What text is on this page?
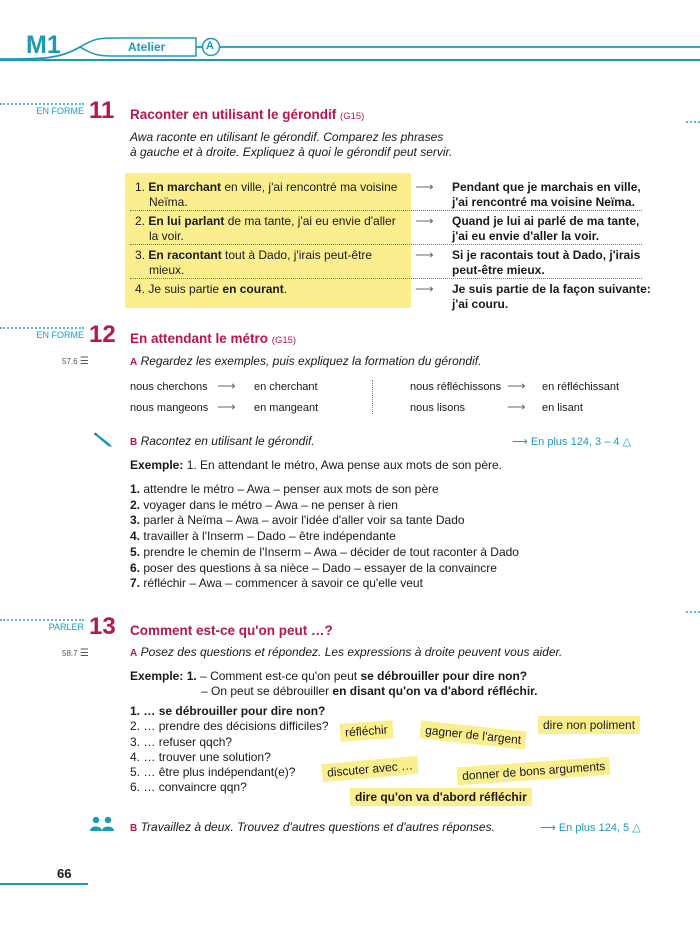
M1	Atelier	A
EN FORME 11 Raconter en utilisant le gérondif (G15)
Awa raconte en utilisant le gérondif. Comparez les phrases
à gauche et à droite. Expliquez à quoi le gérondif peut servir.
1. En marchant en ville, j'ai rencontré ma voisine
Neïma.
⟶ Pendant que je marchais en ville,
j'ai rencontré ma voisine Neïma.
2. En lui parlant de ma tante, j'ai eu envie d'aller
la voir.
⟶ Quand je lui ai parlé de ma tante,
j'ai eu envie d'aller la voir.
3. En racontant tout à Dado, j'irais peut-être
mieux.
⟶ Si je racontais tout à Dado, j'irais
peut-être mieux.
4. Je suis partie en courant.	⟶ Je suis partie de la façon suivante:
j'ai couru.
EN FORME 12 En attendant le métro (G15)
57.6 ☰	A Regardez les exemples, puis expliquez la formation du gérondif.
nous cherchons ⟶ en cherchant
nous mangeons ⟶ en mangeant
nous réfléchissons ⟶ en réfléchissant
nous lisons	⟶ en lisant
B Racontez en utilisant le gérondif.	⟶ En plus 124, 3 – 4 △
Exemple: 1. En attendant le métro, Awa pense aux mots de son père.
1. attendre le métro – Awa – penser aux mots de son père
2. voyager dans le métro – Awa – ne penser à rien
3. parler à Neïma – Awa – avoir l'idée d'aller voir sa tante Dado
4. travailler à l'Inserm – Dado – être indépendante
5. prendre le chemin de l'Inserm – Awa – décider de tout raconter à Dado
6. poser des questions à sa nièce – Dado – essayer de la convaincre
7. réfléchir – Awa – commencer à savoir ce qu'elle veut
PARLER 13 Comment est-ce qu'on peut …?
58.7 ☰	A Posez des questions et répondez. Les expressions à droite peuvent vous aider.
Exemple: 1. – Comment est-ce qu'on peut se débrouiller pour dire non?
– On peut se débrouiller en disant qu'on va d'abord réfléchir.
1. … se débrouiller pour dire non?
2. … prendre des décisions difficiles?
3. … refuser qqch?
4. … trouver une solution?
5. … être plus indépendant(e)?
6. … convaincre qqn?
réfléchir	gagner de l'argent	dire non poliment
discuter avec …	donner de bons arguments
dire qu'on va d'abord réfléchir
B Travaillez à deux. Trouvez d'autres questions et d'autres réponses.	⟶ En plus 124, 5 △
66
